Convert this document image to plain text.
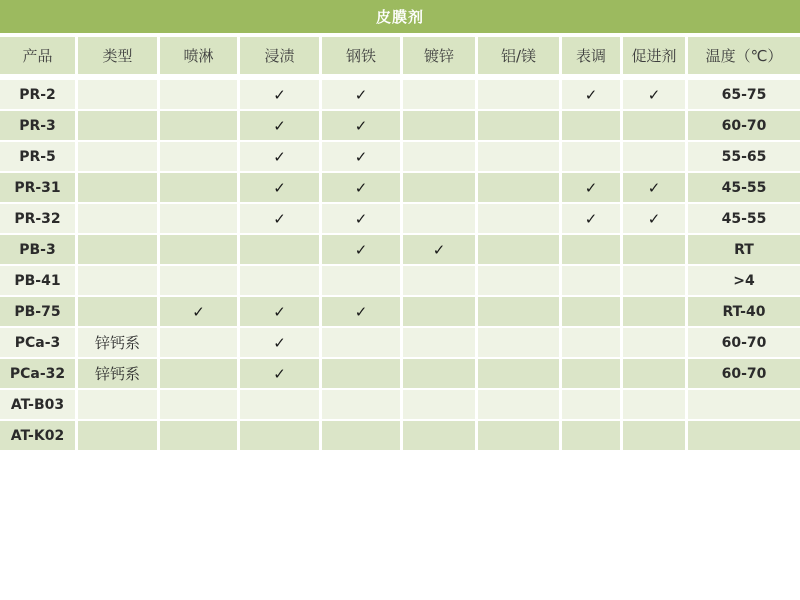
皮膜剂
产品	类型	喷淋	浸渍	钢铁	镀锌	铝/镁	表调	促进剂	温度（℃）
PR-2			✓	✓			✓	✓	65-75
PR-3			✓	✓					60-70
PR-5			✓	✓					55-65
PR-31			✓	✓			✓	✓	45-55
PR-32			✓	✓			✓	✓	45-55
PB-3				✓	✓				RT
PB-41									>4
PB-75		✓	✓	✓					RT-40
PCa-3	锌钙系		✓						60-70
PCa-32	锌钙系		✓						60-70
AT-B03									
AT-K02									
